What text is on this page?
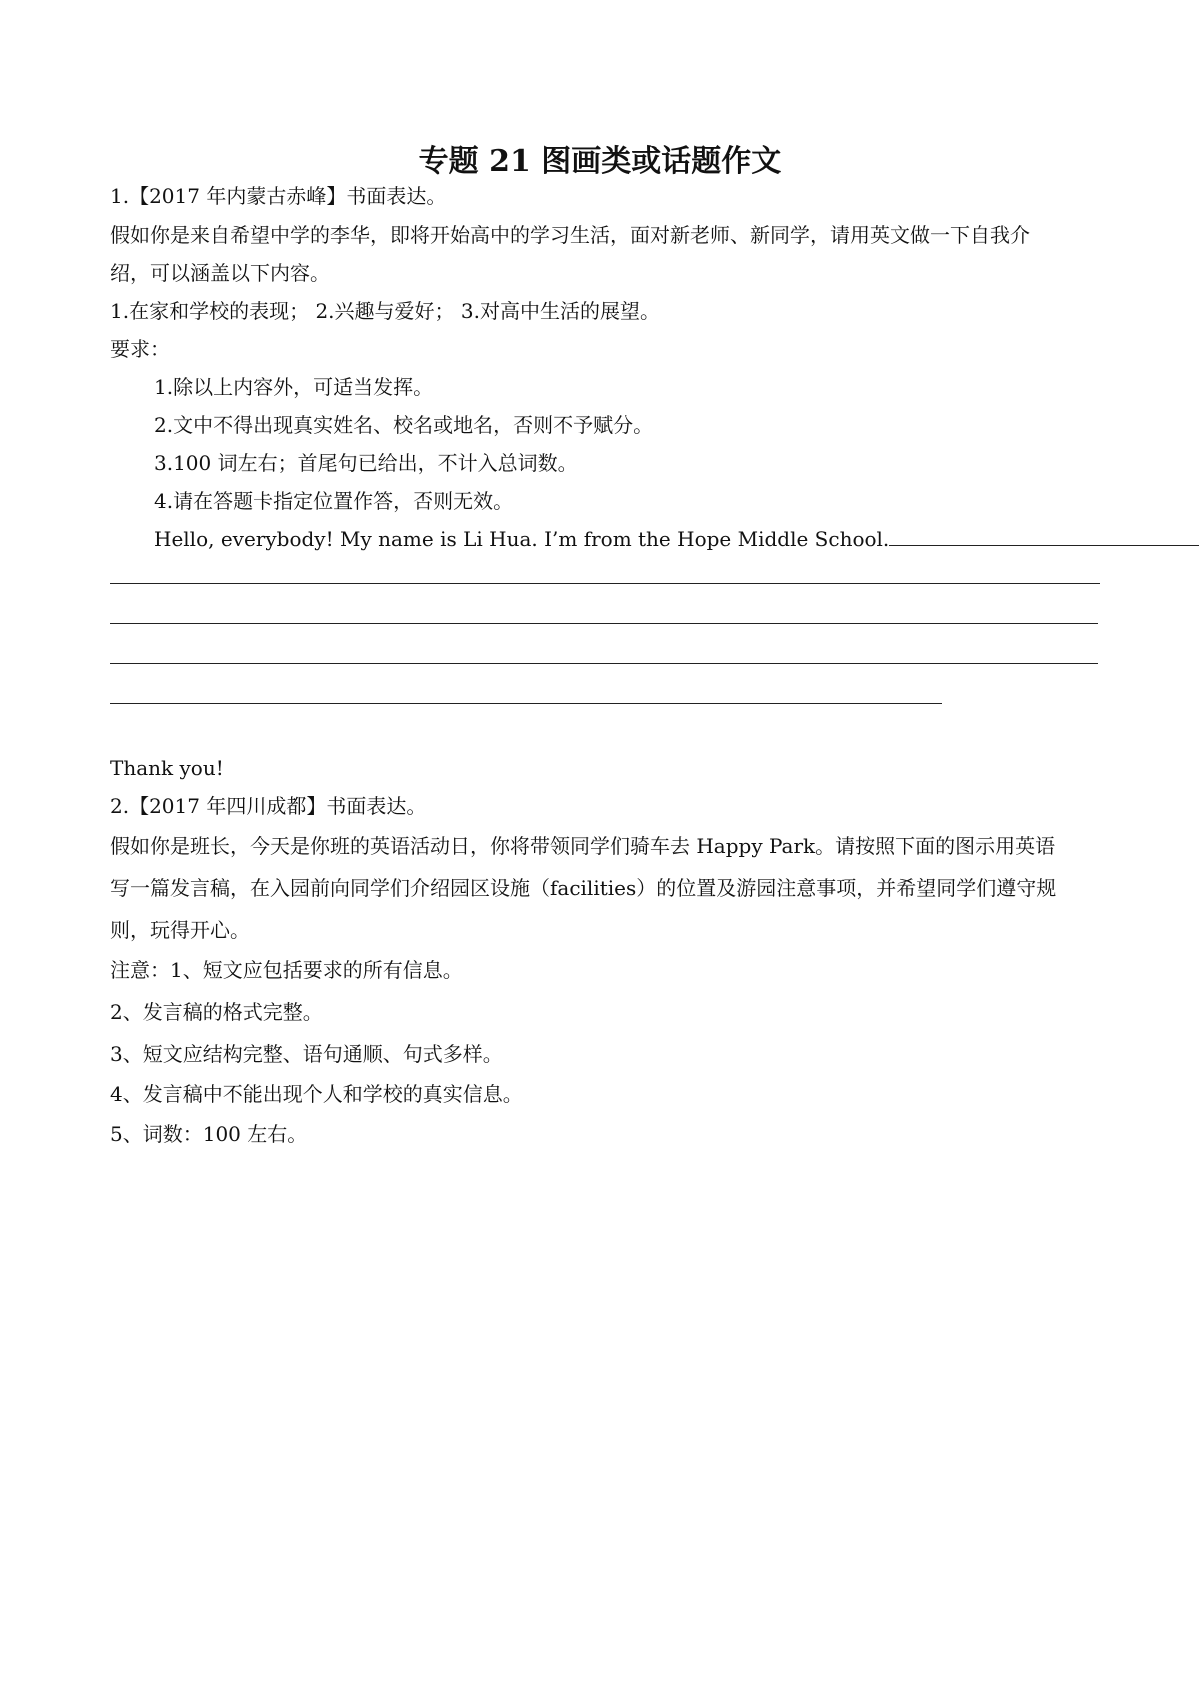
专题 21 图画类或话题作文
1.【2017 年内蒙古赤峰】书面表达。
假如你是来自希望中学的李华，即将开始高中的学习生活，面对新老师、新同学，请用英文做一下自我介
绍，可以涵盖以下内容。
1.在家和学校的表现； 2.兴趣与爱好； 3.对高中生活的展望。
要求：
1.除以上内容外，可适当发挥。
2.文中不得出现真实姓名、校名或地名，否则不予赋分。
3.100 词左右；首尾句已给出，不计入总词数。
4.请在答题卡指定位置作答，否则无效。
Hello, everybody! My name is Li Hua. I’m from the Hope Middle School.
Thank you!
2.【2017 年四川成都】书面表达。
假如你是班长，今天是你班的英语活动日，你将带领同学们骑车去 Happy Park。请按照下面的图示用英语
写一篇发言稿，在入园前向同学们介绍园区设施（facilities）的位置及游园注意事项，并希望同学们遵守规
则，玩得开心。
注意：1、短文应包括要求的所有信息。
2、发言稿的格式完整。
3、短文应结构完整、语句通顺、句式多样。
4、发言稿中不能出现个人和学校的真实信息。
5、词数：100 左右。
